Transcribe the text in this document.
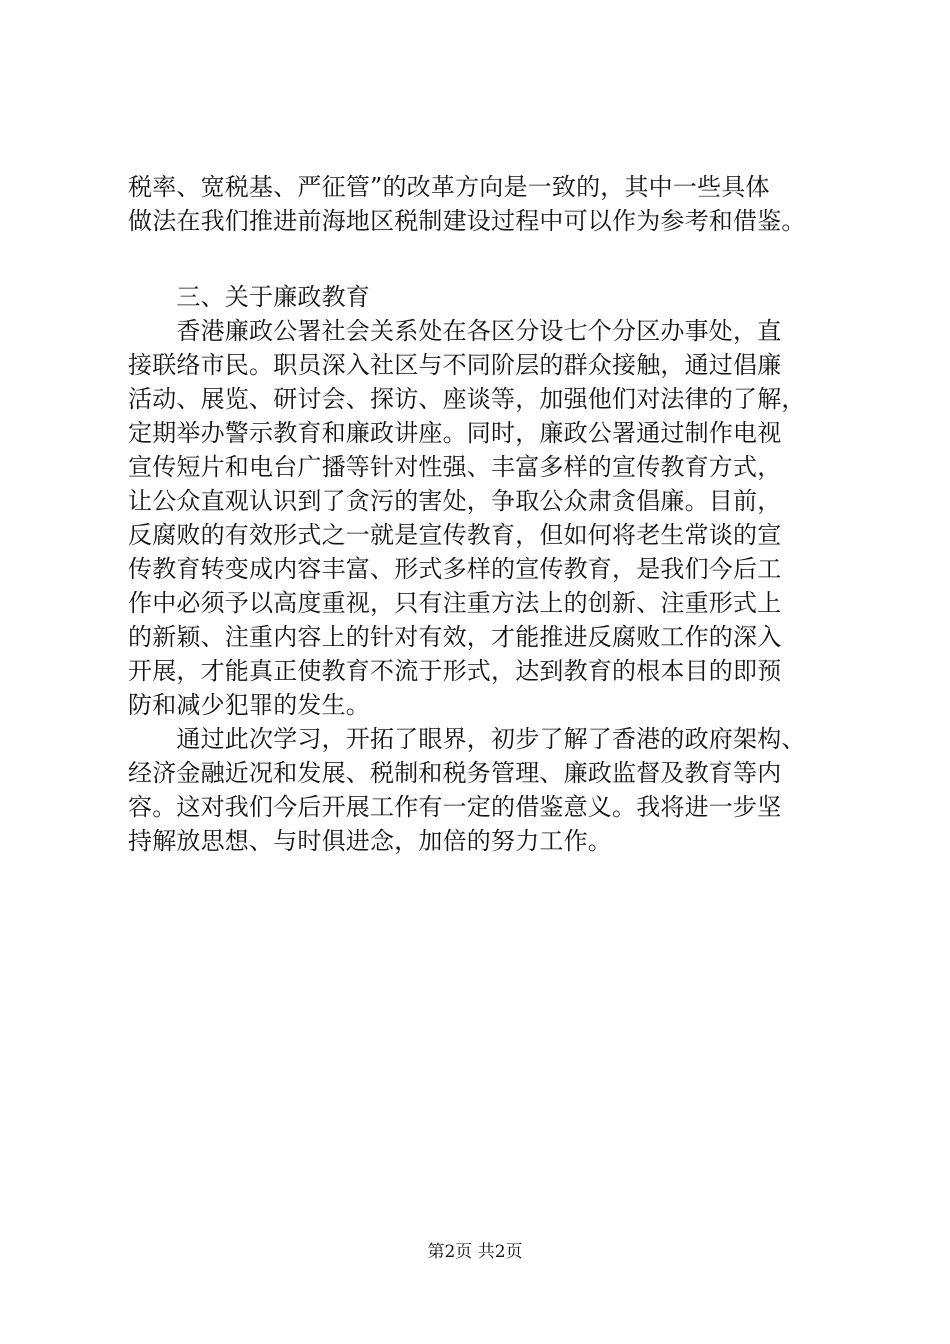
税率、宽税基、严征管”的改革方向是一致的，其中一些具体
做法在我们推进前海地区税制建设过程中可以作为参考和借鉴。
　　三、关于廉政教育
　　香港廉政公署社会关系处在各区分设七个分区办事处，直
接联络市民。职员深入社区与不同阶层的群众接触，通过倡廉
活动、展览、研讨会、探访、座谈等，加强他们对法律的了解，
定期举办警示教育和廉政讲座。同时，廉政公署通过制作电视
宣传短片和电台广播等针对性强、丰富多样的宣传教育方式，
让公众直观认识到了贪污的害处，争取公众肃贪倡廉。目前，
反腐败的有效形式之一就是宣传教育，但如何将老生常谈的宣
传教育转变成内容丰富、形式多样的宣传教育，是我们今后工
作中必须予以高度重视，只有注重方法上的创新、注重形式上
的新颖、注重内容上的针对有效，才能推进反腐败工作的深入
开展，才能真正使教育不流于形式，达到教育的根本目的即预
防和减少犯罪的发生。
　　通过此次学习，开拓了眼界，初步了解了香港的政府架构、
经济金融近况和发展、税制和税务管理、廉政监督及教育等内
容。这对我们今后开展工作有一定的借鉴意义。我将进一步坚
持解放思想、与时俱进念，加倍的努力工作。
第2页 共2页
